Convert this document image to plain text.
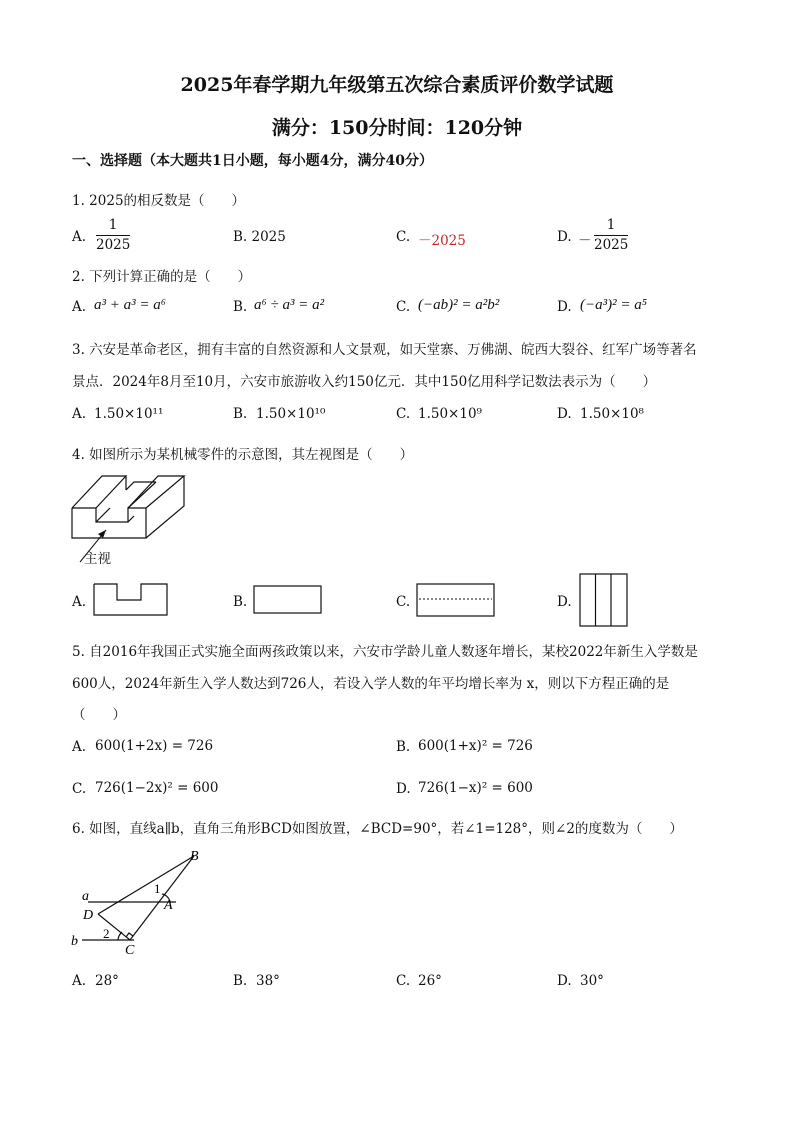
2025年春学期九年级第五次综合素质评价数学试题
满分：150分时间：120分钟
一、选择题（本大题共1日小题，每小题4分，满分40分）
1. 2025的相反数是（　　）
A.
1
2025	B. 2025	C. －2025	D. －
1
2025
2. 下列计算正确的是（　　）
A. a³ + a³ = a⁶	B. a⁶ ÷ a³ = a²	C. (−ab)² = a²b²	D. (−a³)² = a⁵
3. 六安是革命老区，拥有丰富的自然资源和人文景观，如天堂寨、万佛湖、皖西大裂谷、红军广场等著名
景点．2024年8月至10月，六安市旅游收入约150亿元．其中150亿用科学记数法表示为（　　）
A. 1.50×10¹¹	B. 1.50×10¹⁰	C. 1.50×10⁹	D. 1.50×10⁸
4. 如图所示为某机械零件的示意图，其左视图是（　　）
主视
A.	B.	C.	D.
5. 自2016年我国正式实施全面两孩政策以来，六安市学龄儿童人数逐年增长，某校2022年新生入学数是
600人，2024年新生入学人数达到726人，若设入学人数的年平均增长率为 x，则以下方程正确的是
（　　）
A. 600(1+2x) = 726	B. 600(1+x)² = 726
C. 726(1−2x)² = 600	D. 726(1−x)² = 600
6. 如图，直线a∥b，直角三角形BCD如图放置，∠BCD=90°，若∠1=128°，则∠2的度数为（　　）
B
a
A
D
b
C
1
2
A. 28°	B. 38°	C. 26°	D. 30°
